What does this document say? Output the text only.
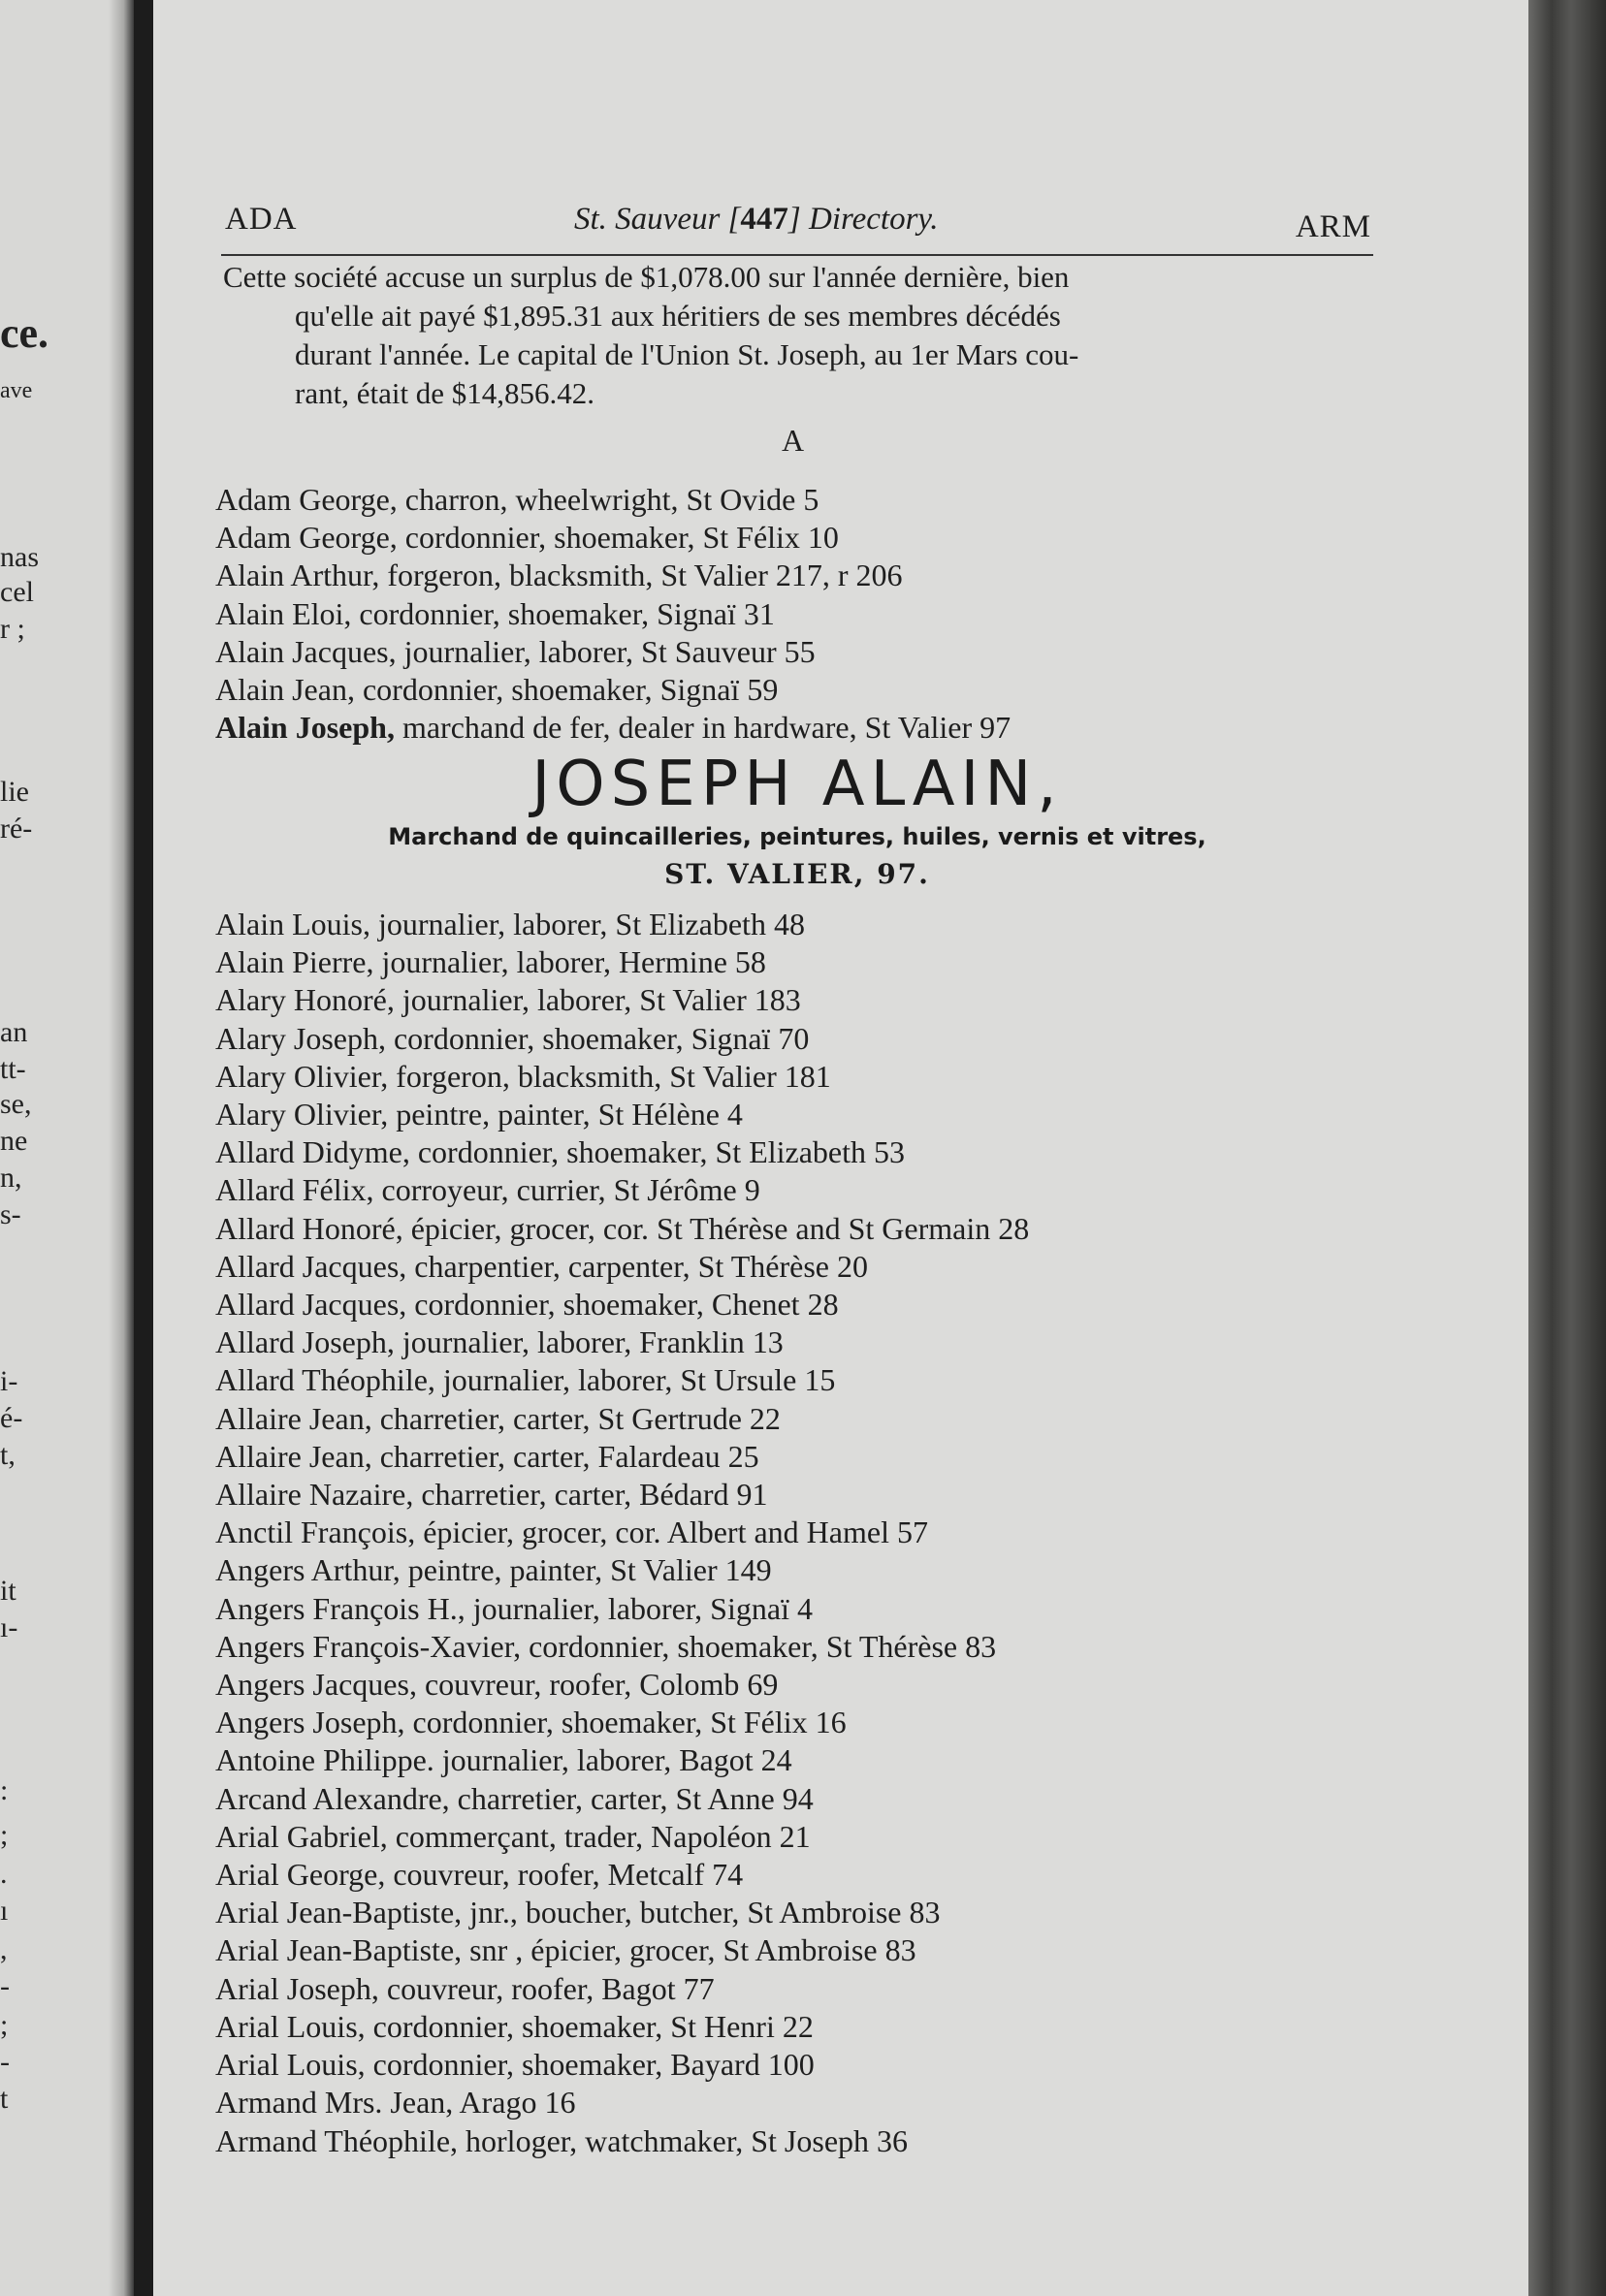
ce.
ave
nas
cel
r ;
lie
ré-
an
tt-
se,
ne
n,
s-
i-
é-
t,
it
ı-
:
;
.
ı
,
-
;
-
t
ADA	St. Sauveur [447] Directory.	ARM
Cette société accuse un surplus de $1,078.00 sur l'année dernière, bien
qu'elle ait payé $1,895.31 aux héritiers de ses membres décédés
durant l'année. Le capital de l'Union St. Joseph, au 1er Mars cou-
rant, était de $14,856.42.
A
Adam George, charron, wheelwright, St Ovide 5
Adam George, cordonnier, shoemaker, St Félix 10
Alain Arthur, forgeron, blacksmith, St Valier 217, r 206
Alain Eloi, cordonnier, shoemaker, Signaï 31
Alain Jacques, journalier, laborer, St Sauveur 55
Alain Jean, cordonnier, shoemaker, Signaï 59
Alain Joseph, marchand de fer, dealer in hardware, St Valier 97
JOSEPH ALAIN,
Marchand de quincailleries, peintures, huiles, vernis et vitres,
ST. VALIER, 97.
Alain Louis, journalier, laborer, St Elizabeth 48
Alain Pierre, journalier, laborer, Hermine 58
Alary Honoré, journalier, laborer, St Valier 183
Alary Joseph, cordonnier, shoemaker, Signaï 70
Alary Olivier, forgeron, blacksmith, St Valier 181
Alary Olivier, peintre, painter, St Hélène 4
Allard Didyme, cordonnier, shoemaker, St Elizabeth 53
Allard Félix, corroyeur, currier, St Jérôme 9
Allard Honoré, épicier, grocer, cor. St Thérèse and St Germain 28
Allard Jacques, charpentier, carpenter, St Thérèse 20
Allard Jacques, cordonnier, shoemaker, Chenet 28
Allard Joseph, journalier, laborer, Franklin 13
Allard Théophile, journalier, laborer, St Ursule 15
Allaire Jean, charretier, carter, St Gertrude 22
Allaire Jean, charretier, carter, Falardeau 25
Allaire Nazaire, charretier, carter, Bédard 91
Anctil François, épicier, grocer, cor. Albert and Hamel 57
Angers Arthur, peintre, painter, St Valier 149
Angers François H., journalier, laborer, Signaï 4
Angers François-Xavier, cordonnier, shoemaker, St Thérèse 83
Angers Jacques, couvreur, roofer, Colomb 69
Angers Joseph, cordonnier, shoemaker, St Félix 16
Antoine Philippe. journalier, laborer, Bagot 24
Arcand Alexandre, charretier, carter, St Anne 94
Arial Gabriel, commerçant, trader, Napoléon 21
Arial George, couvreur, roofer, Metcalf 74
Arial Jean-Baptiste, jnr., boucher, butcher, St Ambroise 83
Arial Jean-Baptiste, snr , épicier, grocer, St Ambroise 83
Arial Joseph, couvreur, roofer, Bagot 77
Arial Louis, cordonnier, shoemaker, St Henri 22
Arial Louis, cordonnier, shoemaker, Bayard 100
Armand Mrs. Jean, Arago 16
Armand Théophile, horloger, watchmaker, St Joseph 36
